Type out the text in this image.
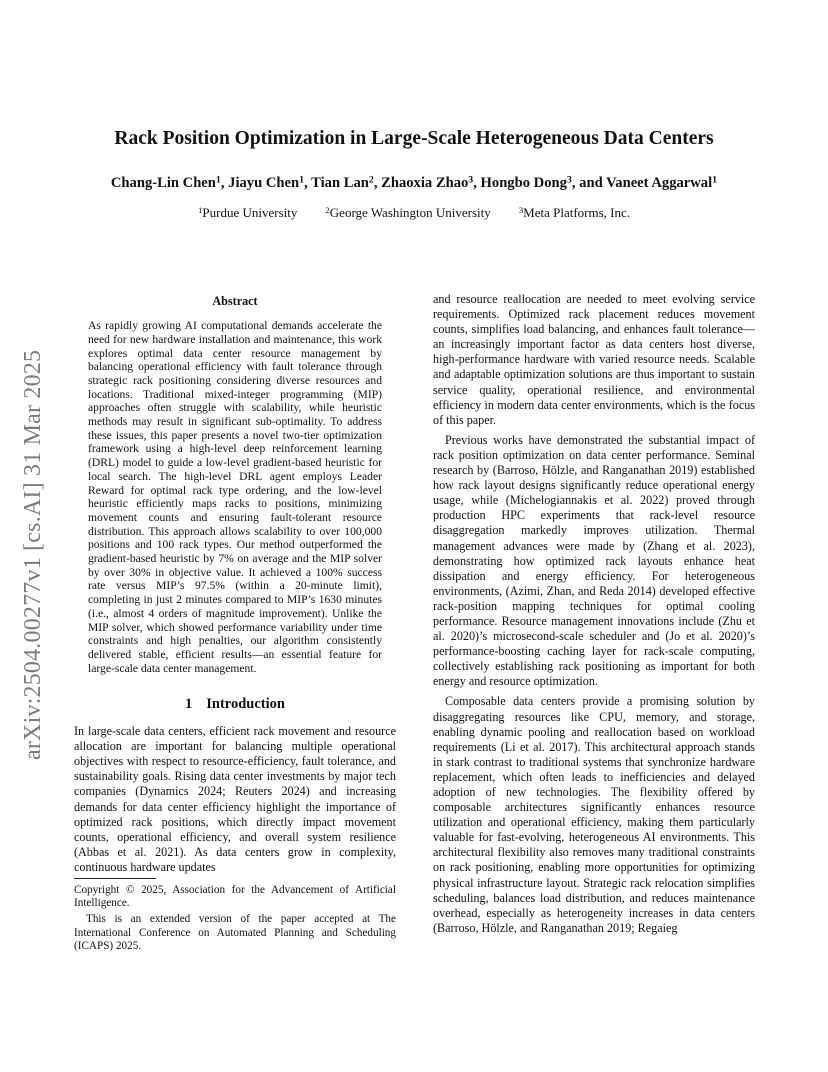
arXiv:2504.00277v1 [cs.AI] 31 Mar 2025
Rack Position Optimization in Large-Scale Heterogeneous Data Centers
Chang-Lin Chen$^1$, Jiayu Chen$^1$, Tian Lan$^2$, Zhaoxia Zhao$^3$, Hongbo Dong$^3$, and Vaneet Aggarwal$^1$
$^1$Purdue University	$^2$George Washington University	$^3$Meta Platforms, Inc.
Abstract

As rapidly growing AI computational demands accelerate the need for new hardware installation and maintenance, this work explores optimal data center resource management by balancing operational efficiency with fault tolerance through strategic rack positioning considering diverse resources and locations. Traditional mixed-integer programming (MIP) approaches often struggle with scalability, while heuristic methods may result in significant sub-optimality. To address these issues, this paper presents a novel two-tier optimization framework using a high-level deep reinforcement learning (DRL) model to guide a low-level gradient-based heuristic for local search. The high-level DRL agent employs Leader Reward for optimal rack type ordering, and the low-level heuristic efficiently maps racks to positions, minimizing movement counts and ensuring fault-tolerant resource distribution. This approach allows scalability to over 100,000 positions and 100 rack types. Our method outperformed the gradient-based heuristic by 7% on average and the MIP solver by over 30% in objective value. It achieved a 100% success rate versus MIP’s 97.5% (within a 20-minute limit), completing in just 2 minutes compared to MIP’s 1630 minutes (i.e., almost 4 orders of magnitude improvement). Unlike the MIP solver, which showed performance variability under time constraints and high penalties, our algorithm consistently delivered stable, efficient results—an essential feature for large-scale data center management.

1 Introduction

In large-scale data centers, efficient rack movement and resource allocation are important for balancing multiple operational objectives with respect to resource-efficiency, fault tolerance, and sustainability goals. Rising data center investments by major tech companies (Dynamics 2024; Reuters 2024) and increasing demands for data center efficiency highlight the importance of optimized rack positions, which directly impact movement counts, operational efficiency, and overall system resilience (Abbas et al. 2021). As data centers grow in complexity, continuous hardware updates

Copyright © 2025, Association for the Advancement of Artificial Intelligence.

This is an extended version of the paper accepted at The International Conference on Automated Planning and Scheduling (ICAPS) 2025.

and resource reallocation are needed to meet evolving service requirements. Optimized rack placement reduces movement counts, simplifies load balancing, and enhances fault tolerance—an increasingly important factor as data centers host diverse, high-performance hardware with varied resource needs. Scalable and adaptable optimization solutions are thus important to sustain service quality, operational resilience, and environmental efficiency in modern data center environments, which is the focus of this paper.

Previous works have demonstrated the substantial impact of rack position optimization on data center performance. Seminal research by (Barroso, Hölzle, and Ranganathan 2019) established how rack layout designs significantly reduce operational energy usage, while (Michelogiannakis et al. 2022) proved through production HPC experiments that rack-level resource disaggregation markedly improves utilization. Thermal management advances were made by (Zhang et al. 2023), demonstrating how optimized rack layouts enhance heat dissipation and energy efficiency. For heterogeneous environments, (Azimi, Zhan, and Reda 2014) developed effective rack-position mapping techniques for optimal cooling performance. Resource management innovations include (Zhu et al. 2020)’s microsecond-scale scheduler and (Jo et al. 2020)’s performance-boosting caching layer for rack-scale computing, collectively establishing rack positioning as important for both energy and resource optimization.

Composable data centers provide a promising solution by disaggregating resources like CPU, memory, and storage, enabling dynamic pooling and reallocation based on workload requirements (Li et al. 2017). This architectural approach stands in stark contrast to traditional systems that synchronize hardware replacement, which often leads to inefficiencies and delayed adoption of new technologies. The flexibility offered by composable architectures significantly enhances resource utilization and operational efficiency, making them particularly valuable for fast-evolving, heterogeneous AI environments. This architectural flexibility also removes many traditional constraints on rack positioning, enabling more opportunities for optimizing physical infrastructure layout. Strategic rack relocation simplifies scheduling, balances load distribution, and reduces maintenance overhead, especially as heterogeneity increases in data centers (Barroso, Hölzle, and Ranganathan 2019; Regaieg
